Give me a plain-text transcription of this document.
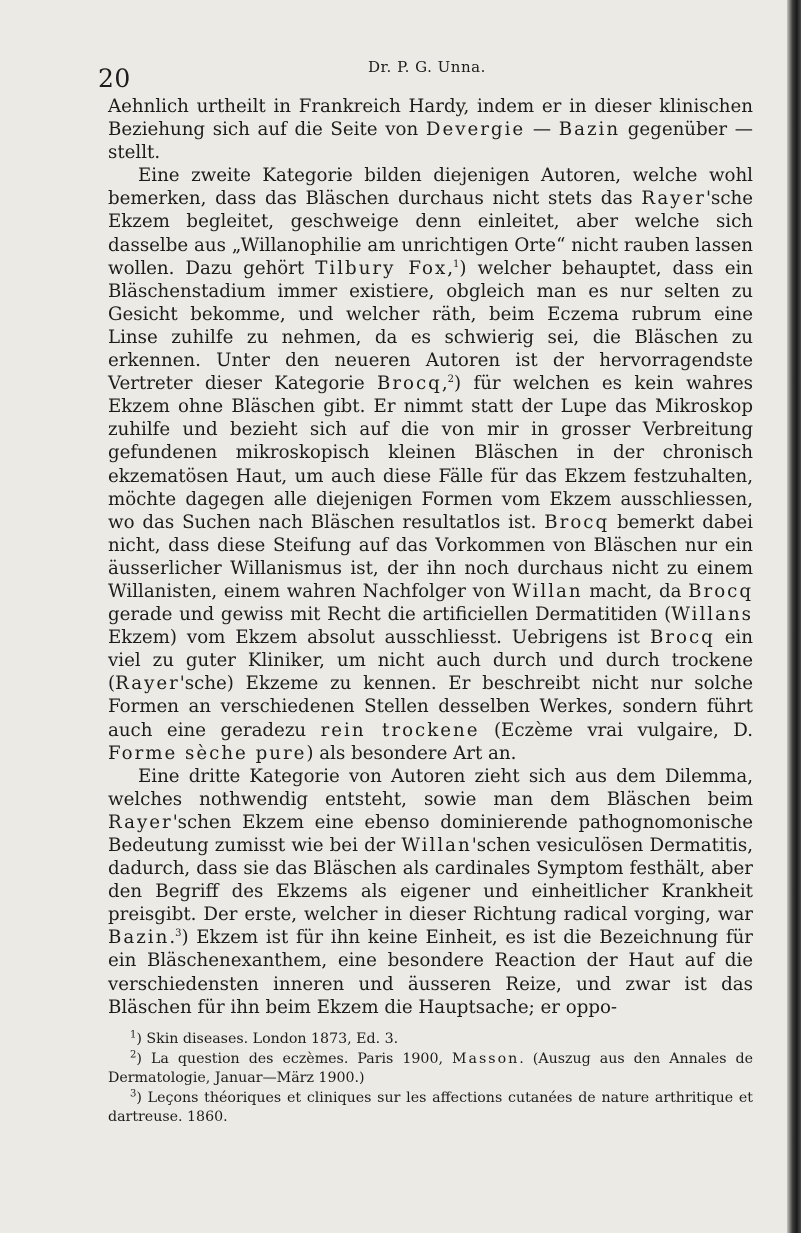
20	Dr. P. G. Unna.

Aehnlich urtheilt in Frankreich Hardy, indem er in dieser klinischen Beziehung sich auf die Seite von Devergie — Bazin gegenüber — stellt.

Eine zweite Kategorie bilden diejenigen Autoren, welche wohl bemerken, dass das Bläschen durchaus nicht stets das Rayer'sche Ekzem begleitet, geschweige denn einleitet, aber welche sich dasselbe aus „Willanophilie am unrichtigen Orte“ nicht rauben lassen wollen. Dazu gehört Tilbury Fox,$^1$) welcher behauptet, dass ein Bläschenstadium immer existiere, obgleich man es nur selten zu Gesicht bekomme, und welcher räth, beim Eczema rubrum eine Linse zuhilfe zu nehmen, da es schwierig sei, die Bläschen zu erkennen. Unter den neueren Autoren ist der hervorragendste Vertreter dieser Kategorie Brocq,$^2$) für welchen es kein wahres Ekzem ohne Bläschen gibt. Er nimmt statt der Lupe das Mikroskop zuhilfe und bezieht sich auf die von mir in grosser Verbreitung gefundenen mikroskopisch kleinen Bläschen in der chronisch ekzematösen Haut, um auch diese Fälle für das Ekzem festzuhalten, möchte dagegen alle diejenigen Formen vom Ekzem ausschliessen, wo das Suchen nach Bläschen resultatlos ist. Brocq bemerkt dabei nicht, dass diese Steifung auf das Vorkommen von Bläschen nur ein äusserlicher Willanismus ist, der ihn noch durchaus nicht zu einem Willanisten, einem wahren Nachfolger von Willan macht, da Brocq gerade und gewiss mit Recht die artificiellen Dermatitiden (Willans Ekzem) vom Ekzem absolut ausschliesst. Uebrigens ist Brocq ein viel zu guter Kliniker, um nicht auch durch und durch trockene (Rayer'sche) Ekzeme zu kennen. Er beschreibt nicht nur solche Formen an verschiedenen Stellen desselben Werkes, sondern führt auch eine geradezu rein trockene (Eczème vrai vulgaire, D. Forme sèche pure) als besondere Art an.

Eine dritte Kategorie von Autoren zieht sich aus dem Dilemma, welches nothwendig entsteht, sowie man dem Bläschen beim Rayer'schen Ekzem eine ebenso dominierende pathognomonische Bedeutung zumisst wie bei der Willan'schen vesiculösen Dermatitis, dadurch, dass sie das Bläschen als cardinales Symptom festhält, aber den Begriff des Ekzems als eigener und einheitlicher Krankheit preisgibt. Der erste, welcher in dieser Richtung radical vorging, war Bazin.$^3$) Ekzem ist für ihn keine Einheit, es ist die Bezeichnung für ein Bläschenexanthem, eine besondere Reaction der Haut auf die verschiedensten inneren und äusseren Reize, und zwar ist das Bläschen für ihn beim Ekzem die Hauptsache; er oppo-

$^1$) Skin diseases. London 1873, Ed. 3.
$^2$) La question des eczèmes. Paris 1900, Masson. (Auszug aus den Annales de Dermatologie, Januar—März 1900.)
$^3$) Leçons théoriques et cliniques sur les affections cutanées de nature arthritique et dartreuse. 1860.
